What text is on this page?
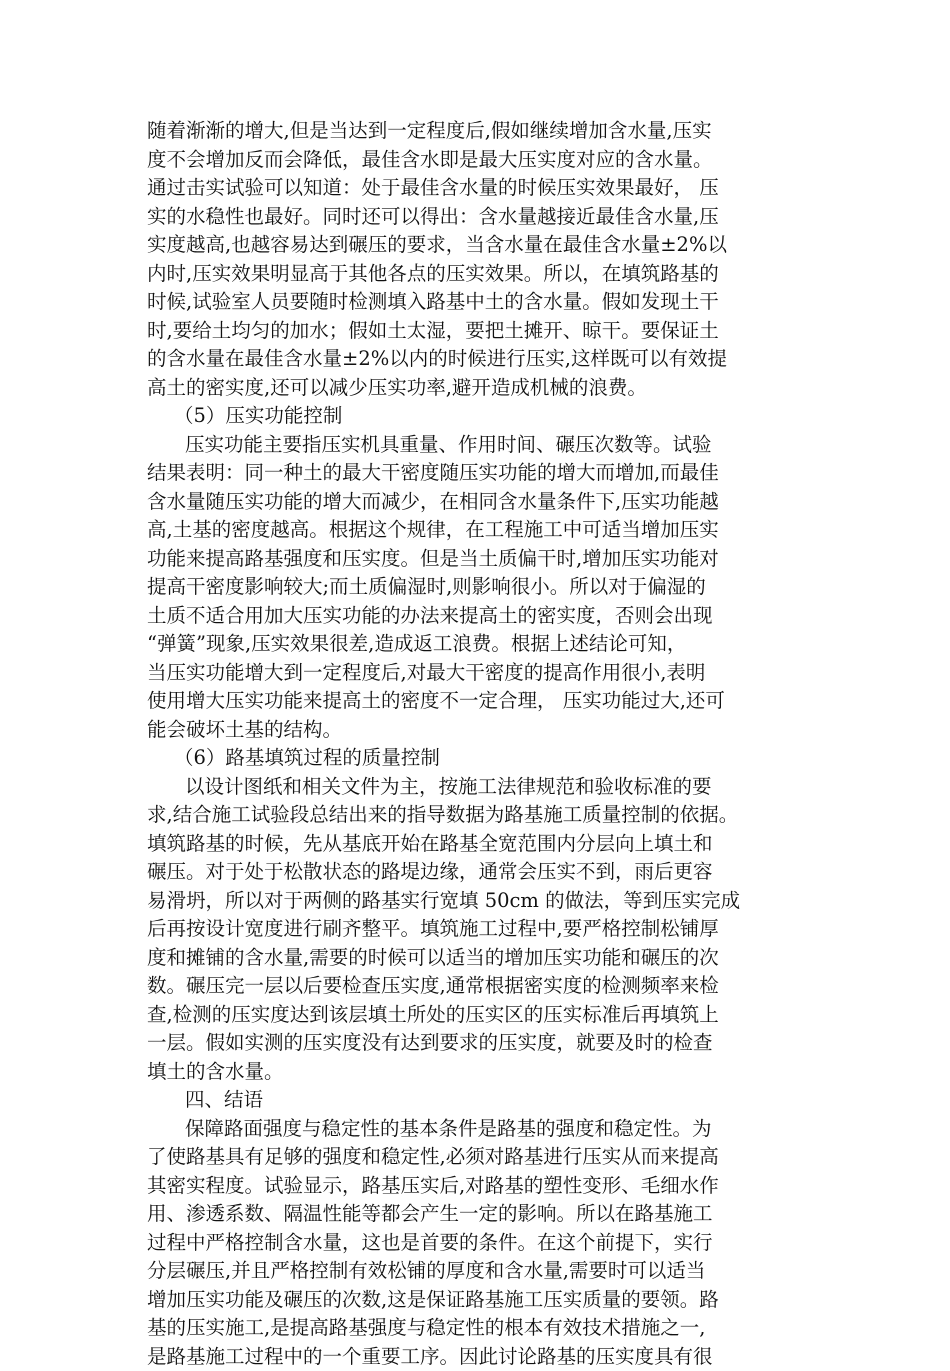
随着渐渐的增大,但是当达到一定程度后,假如继续增加含水量,压实
度不会增加反而会降低，最佳含水即是最大压实度对应的含水量。
通过击实试验可以知道：处于最佳含水量的时候压实效果最好， 压
实的水稳性也最好。同时还可以得出：含水量越接近最佳含水量,压
实度越高,也越容易达到碾压的要求，当含水量在最佳含水量±2%以
内时,压实效果明显高于其他各点的压实效果。所以，在填筑路基的
时候,试验室人员要随时检测填入路基中土的含水量。假如发现土干
时,要给土均匀的加水；假如土太湿，要把土摊开、晾干。要保证土
的含水量在最佳含水量±2%以内的时候进行压实,这样既可以有效提
高土的密实度,还可以减少压实功率,避开造成机械的浪费。
（5）压实功能控制
压实功能主要指压实机具重量、作用时间、碾压次数等。试验
结果表明：同一种土的最大干密度随压实功能的增大而增加,而最佳
含水量随压实功能的增大而减少，在相同含水量条件下,压实功能越
高,土基的密度越高。根据这个规律，在工程施工中可适当增加压实
功能来提高路基强度和压实度。但是当土质偏干时,增加压实功能对
提高干密度影响较大;而土质偏湿时,则影响很小。所以对于偏湿的
土质不适合用加大压实功能的办法来提高土的密实度，否则会出现
“弹簧”现象,压实效果很差,造成返工浪费。根据上述结论可知，
当压实功能增大到一定程度后,对最大干密度的提高作用很小,表明
使用增大压实功能来提高土的密度不一定合理， 压实功能过大,还可
能会破坏土基的结构。
（6）路基填筑过程的质量控制
以设计图纸和相关文件为主，按施工法律规范和验收标准的要
求,结合施工试验段总结出来的指导数据为路基施工质量控制的依据。
填筑路基的时候，先从基底开始在路基全宽范围内分层向上填土和
碾压。对于处于松散状态的路堤边缘，通常会压实不到，雨后更容
易滑坍，所以对于两侧的路基实行宽填 50cm 的做法，等到压实完成
后再按设计宽度进行刷齐整平。填筑施工过程中,要严格控制松铺厚
度和摊铺的含水量,需要的时候可以适当的增加压实功能和碾压的次
数。碾压完一层以后要检查压实度,通常根据密实度的检测频率来检
查,检测的压实度达到该层填土所处的压实区的压实标准后再填筑上
一层。假如实测的压实度没有达到要求的压实度，就要及时的检查
填土的含水量。
四、结语
保障路面强度与稳定性的基本条件是路基的强度和稳定性。为
了使路基具有足够的强度和稳定性,必须对路基进行压实从而来提高
其密实程度。试验显示，路基压实后,对路基的塑性变形、毛细水作
用、渗透系数、隔温性能等都会产生一定的影响。所以在路基施工
过程中严格控制含水量，这也是首要的条件。在这个前提下，实行
分层碾压,并且严格控制有效松铺的厚度和含水量,需要时可以适当
增加压实功能及碾压的次数,这是保证路基施工压实质量的要领。路
基的压实施工,是提高路基强度与稳定性的根本有效技术措施之一,
是路基施工过程中的一个重要工序。因此讨论路基的压实度具有很
